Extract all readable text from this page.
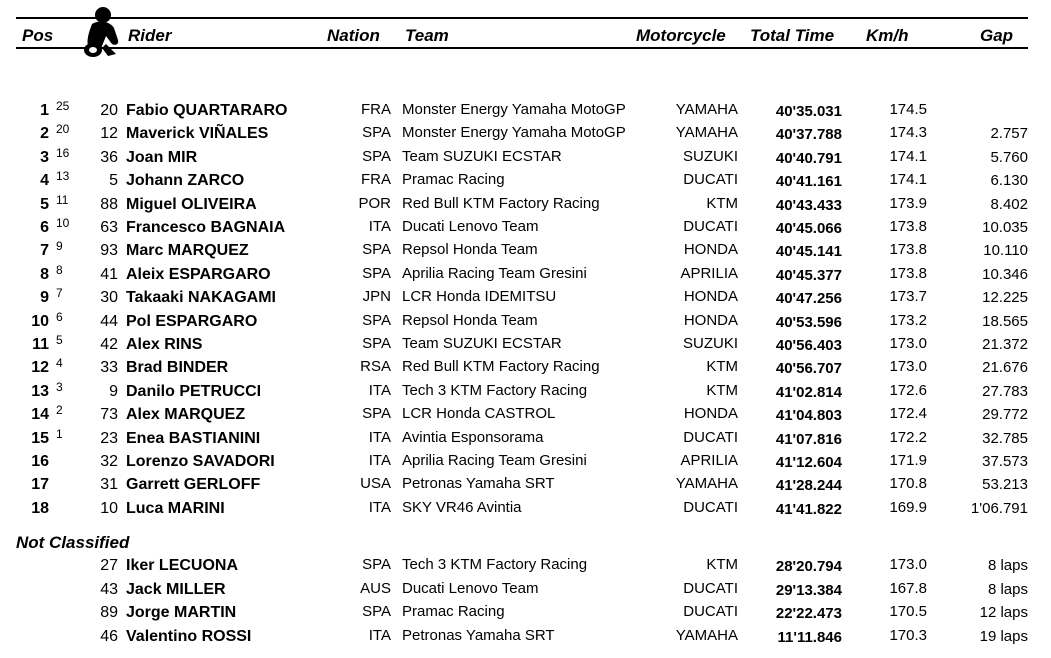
Pos	Rider	Nation Team	Motorcycle Total Time Km/h	Gap
1 25	20 Fabio QUARTARARO	FRA Monster Energy Yamaha MotoGP	YAMAHA	40'35.031	174.5
2 20	12 Maverick VIÑALES	SPA Monster Energy Yamaha MotoGP	YAMAHA	40'37.788	174.3	2.757
3 16	36 Joan MIR	SPA Team SUZUKI ECSTAR	SUZUKI	40'40.791	174.1	5.760
4 13	5 Johann ZARCO	FRA Pramac Racing	DUCATI	40'41.161	174.1	6.130
5 11	88 Miguel OLIVEIRA	POR Red Bull KTM Factory Racing	KTM	40'43.433	173.9	8.402
6 10	63 Francesco BAGNAIA	ITA Ducati Lenovo Team	DUCATI	40'45.066	173.8	10.035
7 9	93 Marc MARQUEZ	SPA Repsol Honda Team	HONDA	40'45.141	173.8	10.110
8 8	41 Aleix ESPARGARO	SPA Aprilia Racing Team Gresini	APRILIA	40'45.377	173.8	10.346
9 7	30 Takaaki NAKAGAMI	JPN LCR Honda IDEMITSU	HONDA	40'47.256	173.7	12.225
10 6	44 Pol ESPARGARO	SPA Repsol Honda Team	HONDA	40'53.596	173.2	18.565
11 5	42 Alex RINS	SPA Team SUZUKI ECSTAR	SUZUKI	40'56.403	173.0	21.372
12 4	33 Brad BINDER	RSA Red Bull KTM Factory Racing	KTM	40'56.707	173.0	21.676
13 3	9 Danilo PETRUCCI	ITA Tech 3 KTM Factory Racing	KTM	41'02.814	172.6	27.783
14 2	73 Alex MARQUEZ	SPA LCR Honda CASTROL	HONDA	41'04.803	172.4	29.772
15 1	23 Enea BASTIANINI	ITA Avintia Esponsorama	DUCATI	41'07.816	172.2	32.785
16	32 Lorenzo SAVADORI	ITA Aprilia Racing Team Gresini	APRILIA	41'12.604	171.9	37.573
17	31 Garrett GERLOFF	USA Petronas Yamaha SRT	YAMAHA	41'28.244	170.8	53.213
18	10 Luca MARINI	ITA SKY VR46 Avintia	DUCATI	41'41.822	169.9	1'06.791
27 Iker LECUONA	SPA Tech 3 KTM Factory Racing	KTM	28'20.794	173.0	8 laps
43 Jack MILLER	AUS Ducati Lenovo Team	DUCATI	29'13.384	167.8	8 laps
89 Jorge MARTIN	SPA Pramac Racing	DUCATI	22'22.473	170.5	12 laps
46 Valentino ROSSI	ITA Petronas Yamaha SRT	YAMAHA	11'11.846	170.3	19 laps
Not Classified
